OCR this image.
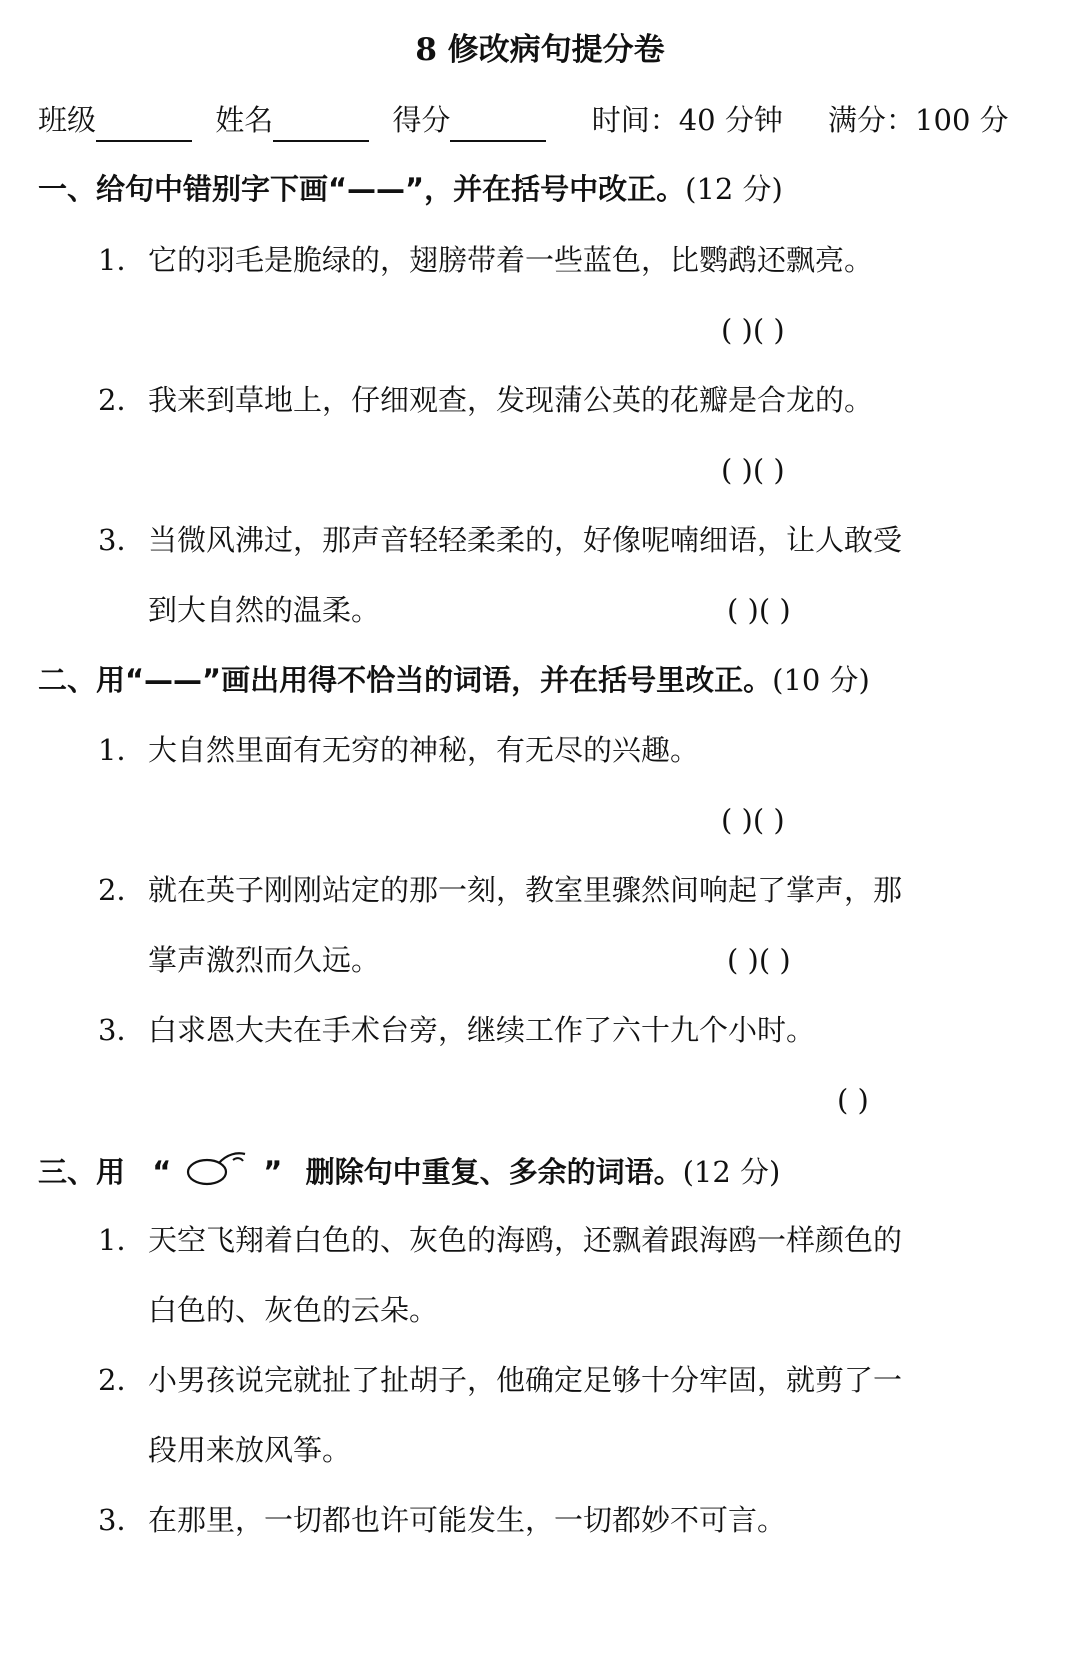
8 修改病句提分卷
班级	姓名	得分	时间：40 分钟 满分：100 分
一、给句中错别字下画“——”，并在括号中改正。(12 分)
1．它的羽毛是脆绿的，翅膀带着一些蓝色，比鹦鹉还飘亮。
( )( )
2．我来到草地上，仔细观查，发现蒲公英的花瓣是合龙的。
( )( )
3．当微风沸过，那声音轻轻柔柔的，好像呢喃细语，让人敢受
到大自然的温柔。	( )( )
二、用“——”画出用得不恰当的词语，并在括号里改正。(10 分)
1．大自然里面有无穷的神秘，有无尽的兴趣。
( )( )
2．就在英子刚刚站定的那一刻，教室里骤然间响起了掌声，那
掌声激烈而久远。	( )( )
3．白求恩大夫在手术台旁，继续工作了六十九个小时。
( )
三、用 “	” 删除句中重复、多余的词语。(12 分)
1．天空飞翔着白色的、灰色的海鸥，还飘着跟海鸥一样颜色的
白色的、灰色的云朵。
2．小男孩说完就扯了扯胡子，他确定足够十分牢固，就剪了一
段用来放风筝。
3．在那里，一切都也许可能发生，一切都妙不可言。
